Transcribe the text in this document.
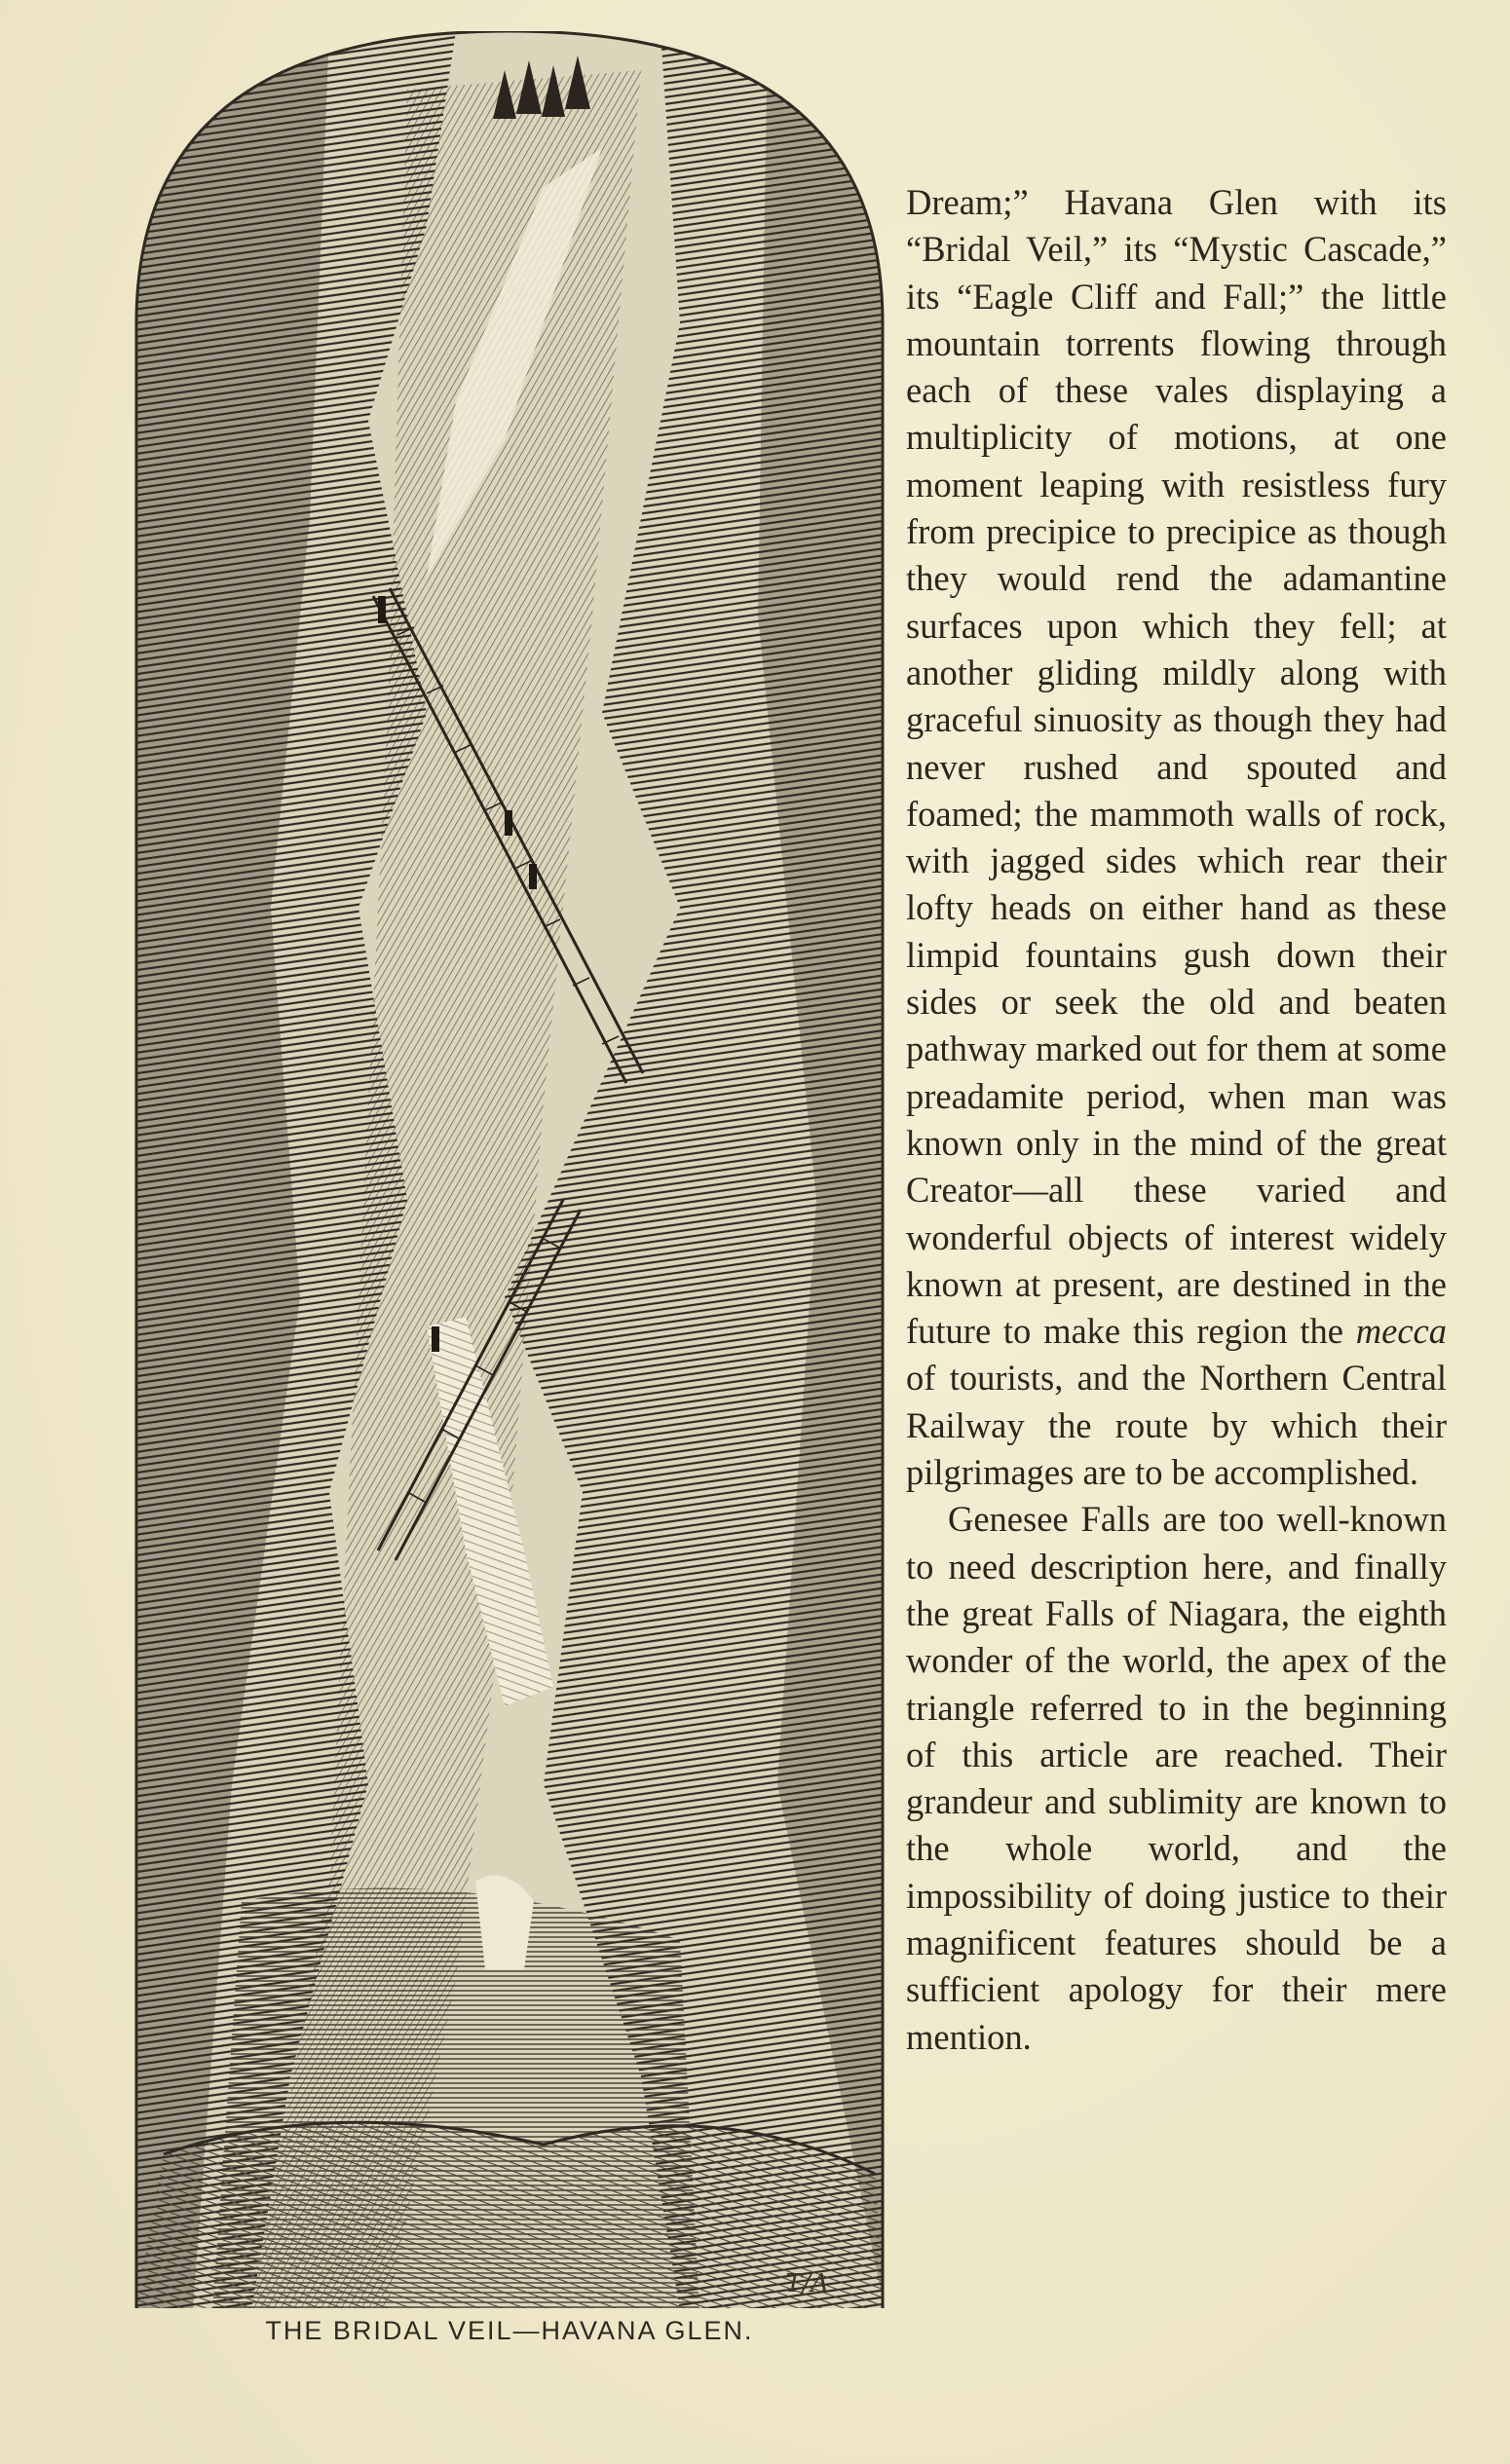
T/A
THE BRIDAL VEIL—HAVANA GLEN.

Dream;” Havana Glen with its “Bridal Veil,” its “Mystic Cascade,” its “Eagle Cliff and Fall;” the little mountain torrents flowing through each of these vales displaying a multiplicity of motions, at one moment leaping with resistless fury from precipice to precipice as though they would rend the adamantine surfaces upon which they fell; at another gliding mildly along with graceful sinuosity as though they had never rushed and spouted and foamed; the mammoth walls of rock, with jagged sides which rear their lofty heads on either hand as these limpid fountains gush down their sides or seek the old and beaten pathway marked out for them at some preadamite period, when man was known only in the mind of the great Creator—all these varied and wonderful objects of interest widely known at present, are destined in the future to make this region the mecca of tourists, and the Northern Central Railway the route by which their pilgrimages are to be accomplished.

Genesee Falls are too well-known to need description here, and finally the great Falls of Niagara, the eighth wonder of the world, the apex of the triangle referred to in the beginning of this article are reached. Their grandeur and sublimity are known to the whole world, and the impossibility of doing justice to their magnificent features should be a sufficient apology for their mere mention.
